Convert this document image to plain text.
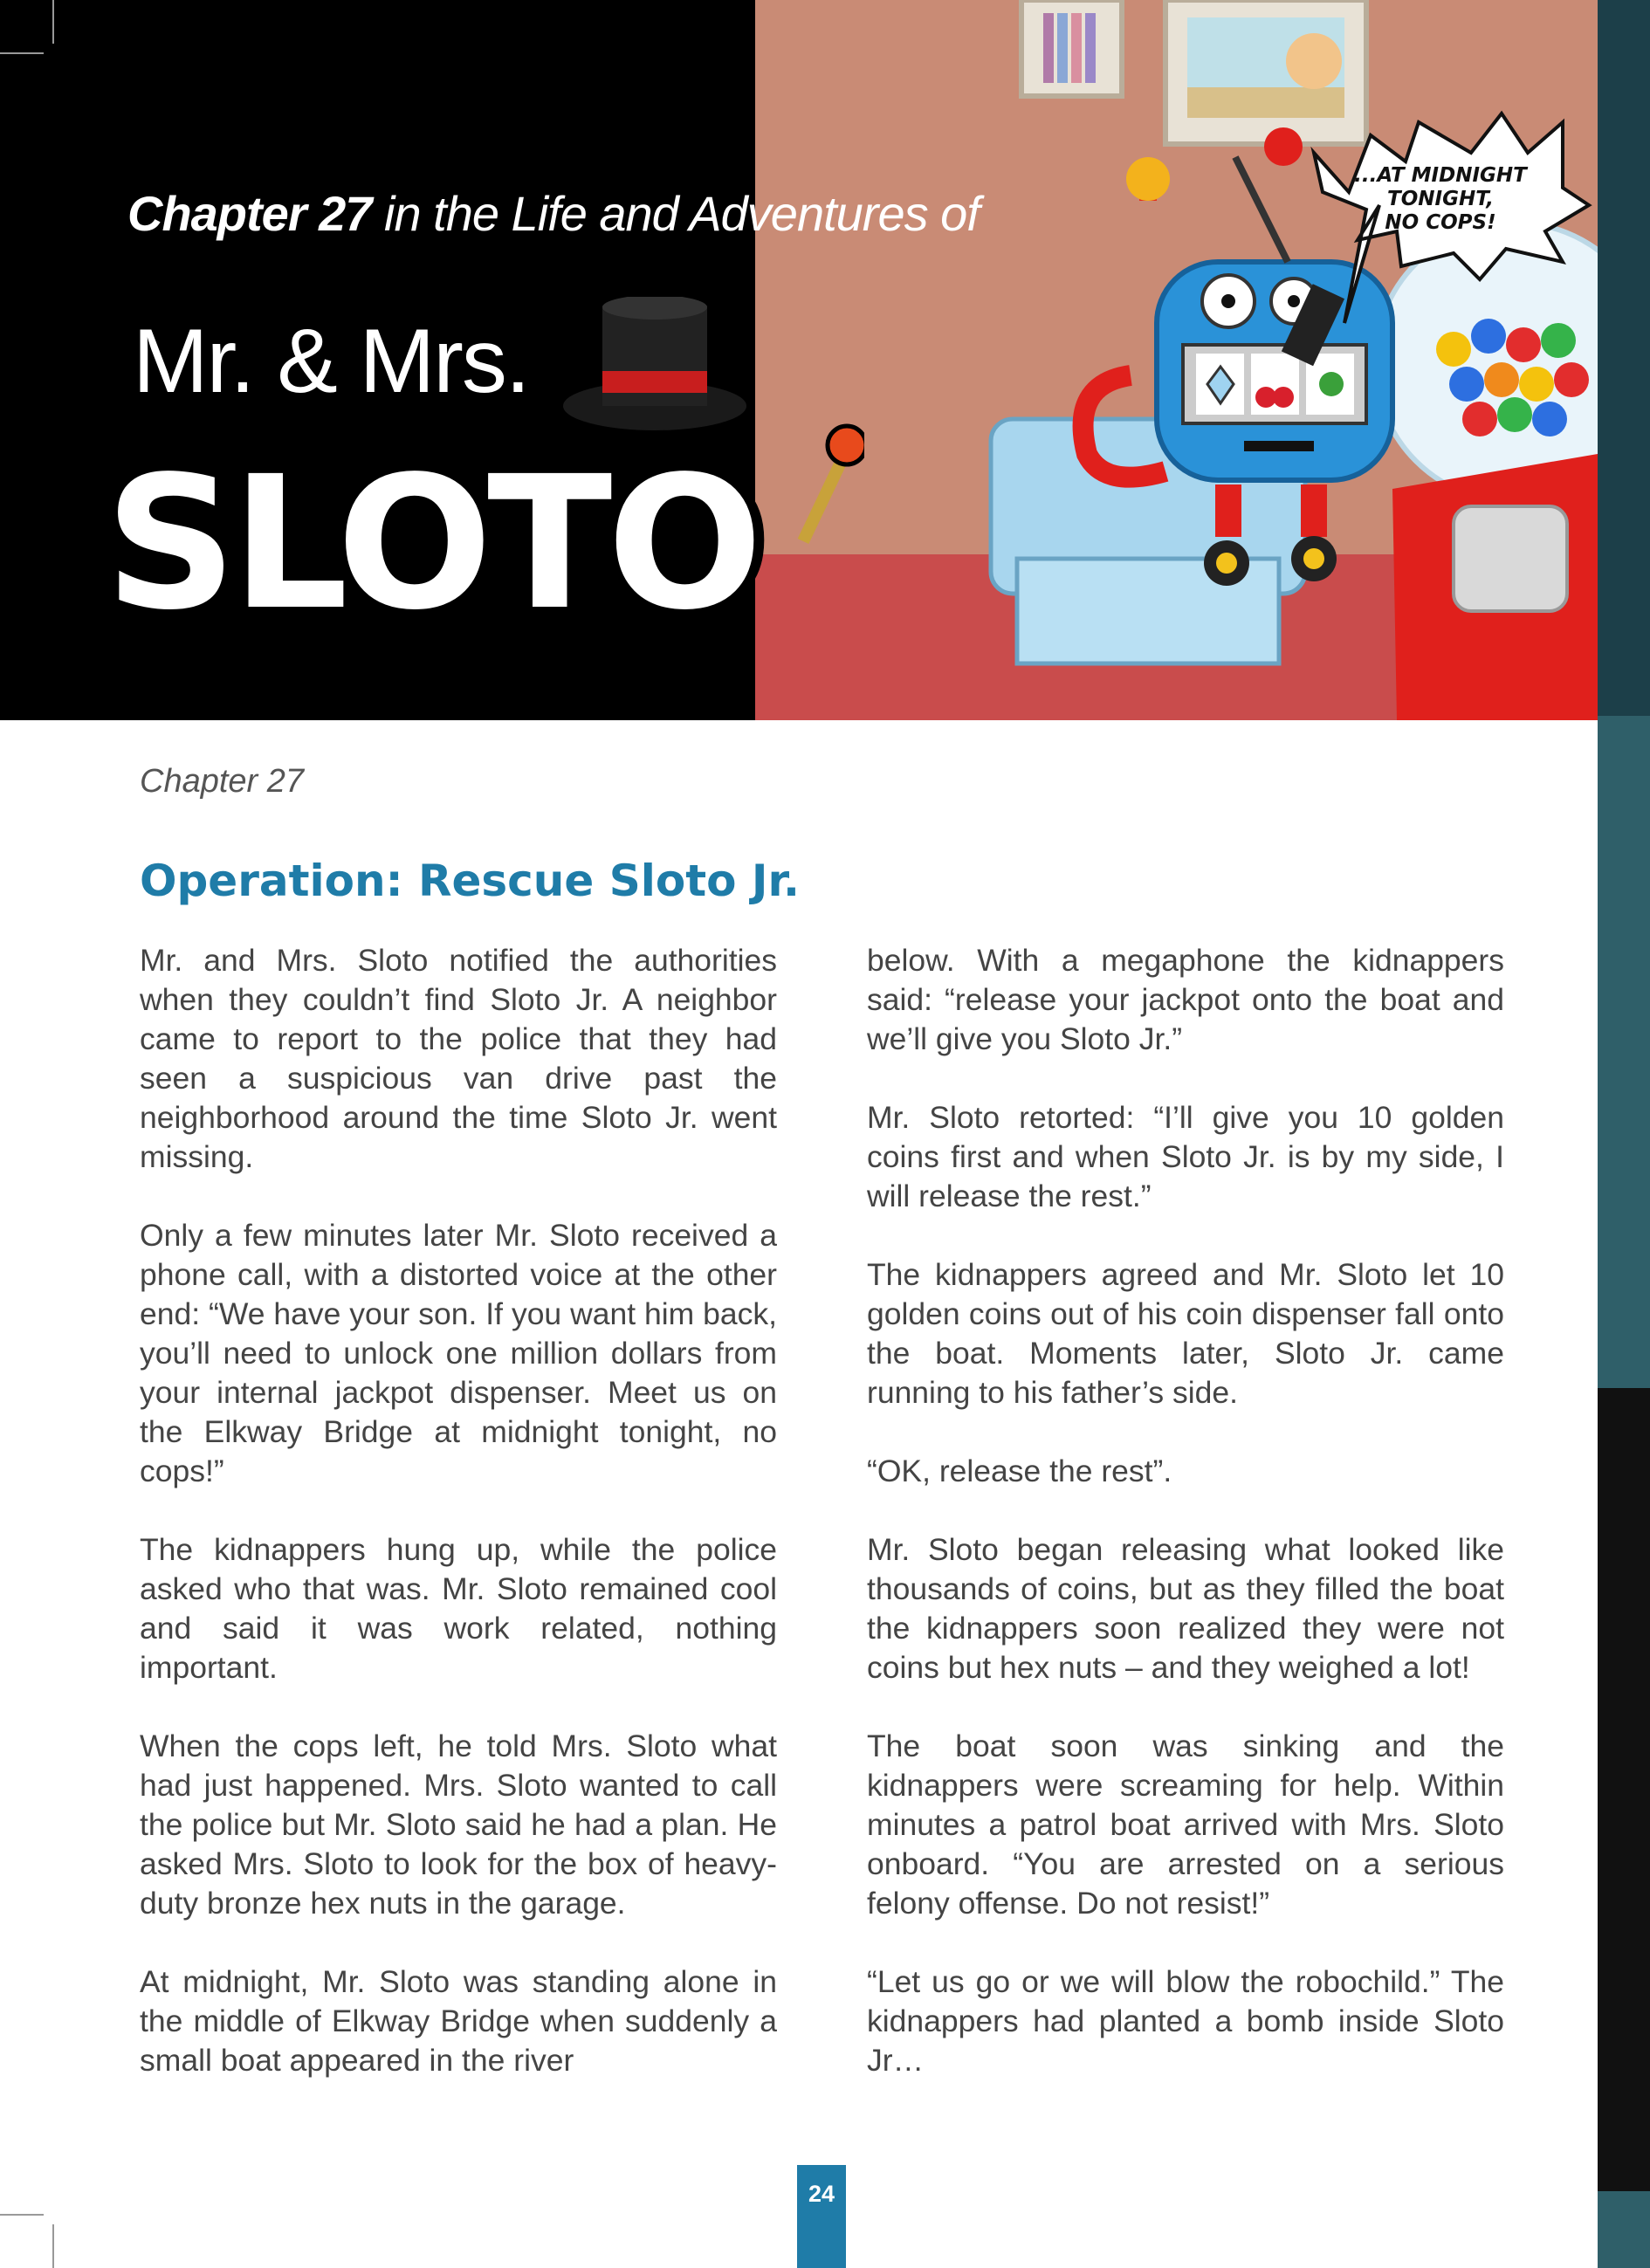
Chapter 27 in the Life and Adventures of
Mr. & Mrs.
SLOTO
...AT MIDNIGHT
TONIGHT,
NO COPS!
Chapter 27
Operation: Rescue Sloto Jr.

Mr. and Mrs. Sloto notified the authorities when they couldn’t find Sloto Jr. A neighbor came to report to the police that they had seen a suspicious van drive past the neighborhood around the time Sloto Jr. went missing.

Only a few minutes later Mr. Sloto received a phone call, with a distorted voice at the other end: “We have your son. If you want him back, you’ll need to unlock one million dollars from your internal jackpot dispenser. Meet us on the Elkway Bridge at midnight tonight, no cops!”

The kidnappers hung up, while the police asked who that was. Mr. Sloto remained cool and said it was work related, nothing important.

When the cops left, he told Mrs. Sloto what had just happened. Mrs. Sloto wanted to call the police but Mr. Sloto said he had a plan. He asked Mrs. Sloto to look for the box of heavy-duty bronze hex nuts in the garage.

At midnight, Mr. Sloto was standing alone in the middle of Elkway Bridge when suddenly a small boat appeared in the river

below. With a megaphone the kidnappers said: “release your jackpot onto the boat and we’ll give you Sloto Jr.”

Mr. Sloto retorted: “I’ll give you 10 golden coins first and when Sloto Jr. is by my side, I will release the rest.”

The kidnappers agreed and Mr. Sloto let 10 golden coins out of his coin dispenser fall onto the boat. Moments later, Sloto Jr. came running to his father’s side.

“OK, release the rest”.

Mr. Sloto began releasing what looked like thousands of coins, but as they filled the boat the kidnappers soon realized they were not coins but hex nuts – and they weighed a lot!

The boat soon was sinking and the kidnappers were screaming for help. Within minutes a patrol boat arrived with Mrs. Sloto onboard. “You are arrested on a serious felony offense. Do not resist!”

“Let us go or we will blow the robochild.” The kidnappers had planted a bomb inside Sloto Jr…

24
